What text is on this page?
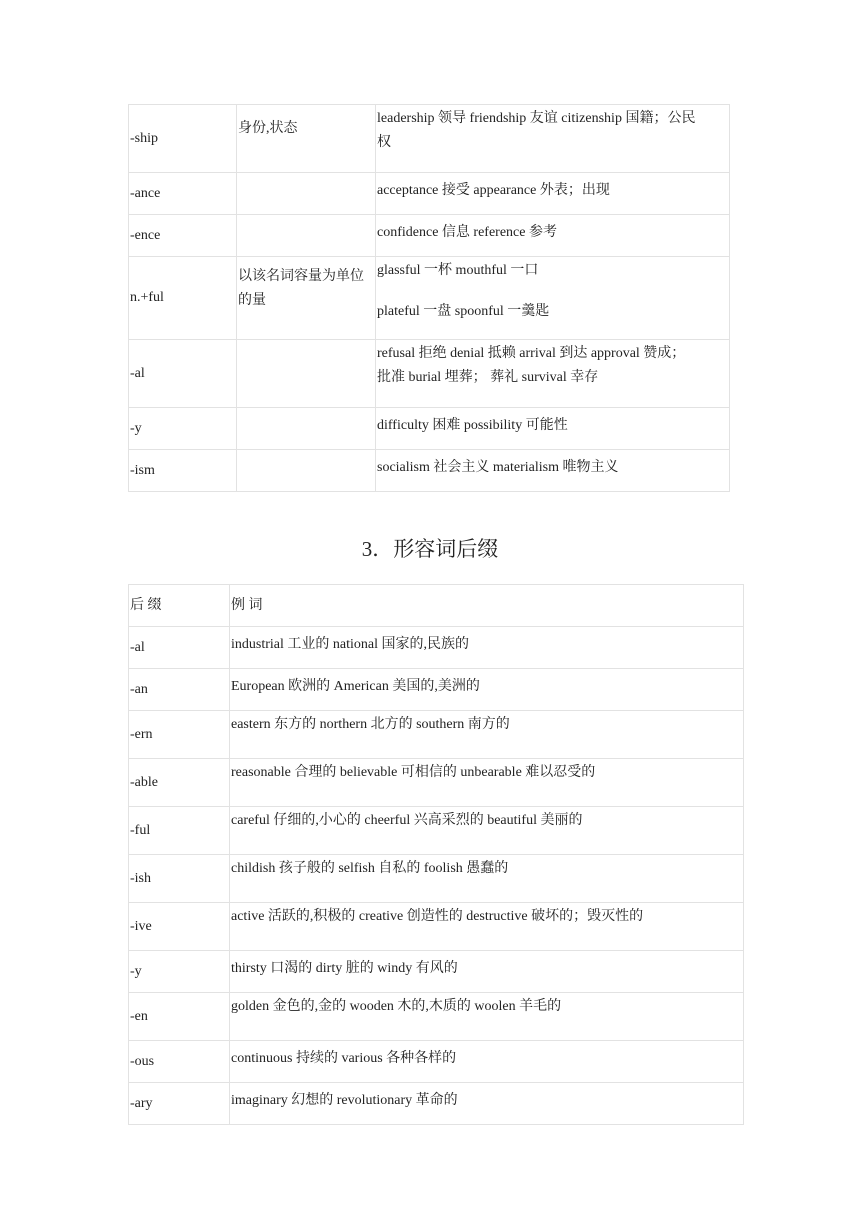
-ship	身份,状态	leadership 领导 friendship 友谊 citizenship 国籍；公民
权

-ance		acceptance 接受 appearance 外表；出现

-ence		confidence 信息 reference 参考

n.+ful	以该名词容量为单位的量	glassful 一杯 mouthful 一口
plateful 一盘 spoonful 一羹匙

-al		refusal 拒绝 denial 抵赖 arrival 到达 approval 赞成；
批准 burial 埋葬； 葬礼 survival 幸存

-y		difficulty 困难 possibility 可能性

-ism		socialism 社会主义 materialism 唯物主义
3．形容词后缀
后 缀	例 词

-al	industrial 工业的 national 国家的,民族的

-an	European 欧洲的 American 美国的,美洲的

-ern	eastern 东方的 northern 北方的 southern 南方的

-able	reasonable 合理的 believable 可相信的 unbearable 难以忍受的

-ful	careful 仔细的,小心的 cheerful 兴高采烈的 beautiful 美丽的

-ish	childish 孩子般的 selfish 自私的 foolish 愚蠢的

-ive	active 活跃的,积极的 creative 创造性的 destructive 破坏的；毁灭性的

-y	thirsty 口渴的 dirty 脏的 windy 有风的

-en	golden 金色的,金的 wooden 木的,木质的 woolen 羊毛的

-ous	continuous 持续的 various 各种各样的

-ary	imaginary 幻想的 revolutionary 革命的
